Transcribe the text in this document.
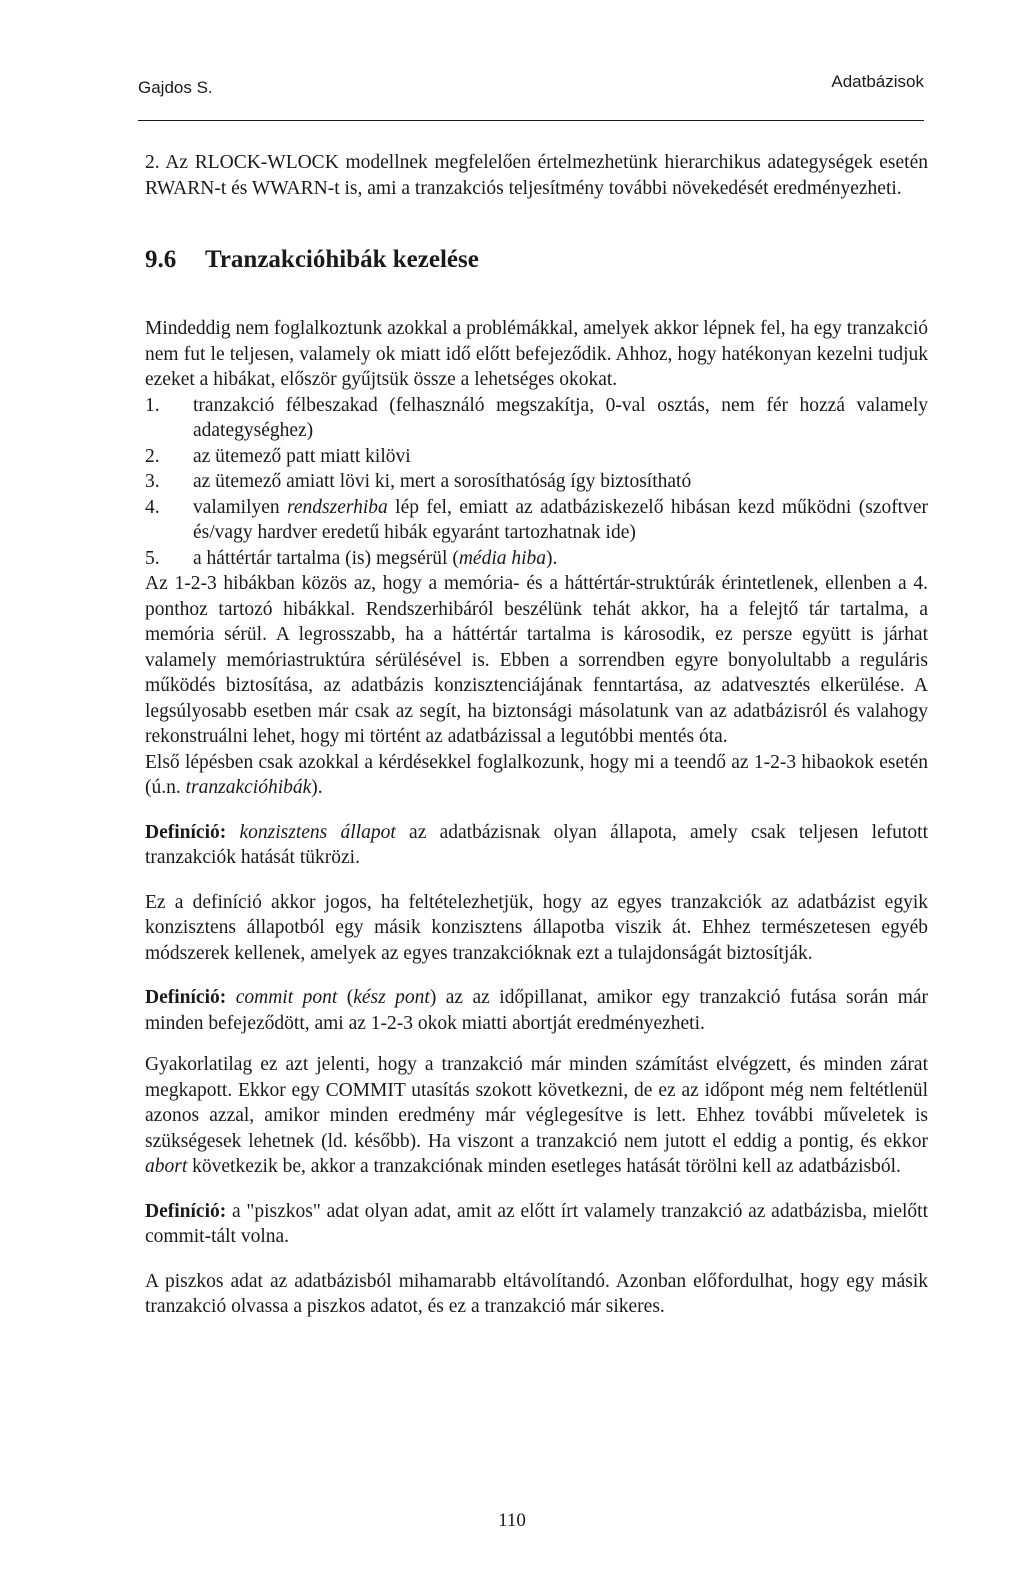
Gajdos S.	Adatbázisok

2. Az RLOCK-WLOCK modellnek megfelelően értelmezhetünk hierarchikus adategységek esetén RWARN-t és WWARN-t is, ami a tranzakciós teljesítmény további növekedését eredményezheti.

9.6 Tranzakcióhibák kezelése

Mindeddig nem foglalkoztunk azokkal a problémákkal, amelyek akkor lépnek fel, ha egy tranzakció nem fut le teljesen, valamely ok miatt idő előtt befejeződik. Ahhoz, hogy hatékonyan kezelni tudjuk ezeket a hibákat, először gyűjtsük össze a lehetséges okokat.

1. tranzakció félbeszakad (felhasználó megszakítja, 0-val osztás, nem fér hozzá valamely adategységhez)
2. az ütemező patt miatt kilövi
3. az ütemező amiatt lövi ki, mert a sorosíthatóság így biztosítható
4. valamilyen rendszerhiba lép fel, emiatt az adatbáziskezelő hibásan kezd működni (szoftver és/vagy hardver eredetű hibák egyaránt tartozhatnak ide)
5. a háttértár tartalma (is) megsérül (média hiba).

Az 1-2-3 hibákban közös az, hogy a memória- és a háttértár-struktúrák érintetlenek, ellenben a 4. ponthoz tartozó hibákkal. Rendszerhibáról beszélünk tehát akkor, ha a felejtő tár tartalma, a memória sérül. A legrosszabb, ha a háttértár tartalma is károsodik, ez persze együtt is járhat valamely memóriastruktúra sérülésével is. Ebben a sorrendben egyre bonyolultabb a reguláris működés biztosítása, az adatbázis konzisztenciájának fenntartása, az adatvesztés elkerülése. A legsúlyosabb esetben már csak az segít, ha biztonsági másolatunk van az adatbázisról és valahogy rekonstruálni lehet, hogy mi történt az adatbázissal a legutóbbi mentés óta.

Első lépésben csak azokkal a kérdésekkel foglalkozunk, hogy mi a teendő az 1-2-3 hibaokok esetén (ú.n. tranzakcióhibák).

Definíció: konzisztens állapot az adatbázisnak olyan állapota, amely csak teljesen lefutott tranzakciók hatását tükrözi.

Ez a definíció akkor jogos, ha feltételezhetjük, hogy az egyes tranzakciók az adatbázist egyik konzisztens állapotból egy másik konzisztens állapotba viszik át. Ehhez természetesen egyéb módszerek kellenek, amelyek az egyes tranzakcióknak ezt a tulajdonságát biztosítják.

Definíció: commit pont (kész pont) az az időpillanat, amikor egy tranzakció futása során már minden befejeződött, ami az 1-2-3 okok miatti abortját eredményezheti.

Gyakorlatilag ez azt jelenti, hogy a tranzakció már minden számítást elvégzett, és minden zárat megkapott. Ekkor egy COMMIT utasítás szokott következni, de ez az időpont még nem feltétlenül azonos azzal, amikor minden eredmény már véglegesítve is lett. Ehhez további műveletek is szükségesek lehetnek (ld. később). Ha viszont a tranzakció nem jutott el eddig a pontig, és ekkor abort következik be, akkor a tranzakciónak minden esetleges hatását törölni kell az adatbázisból.

Definíció: a "piszkos" adat olyan adat, amit az előtt írt valamely tranzakció az adatbázisba, mielőtt commit-tált volna.

A piszkos adat az adatbázisból mihamarabb eltávolítandó. Azonban előfordulhat, hogy egy másik tranzakció olvassa a piszkos adatot, és ez a tranzakció már sikeres.

110
